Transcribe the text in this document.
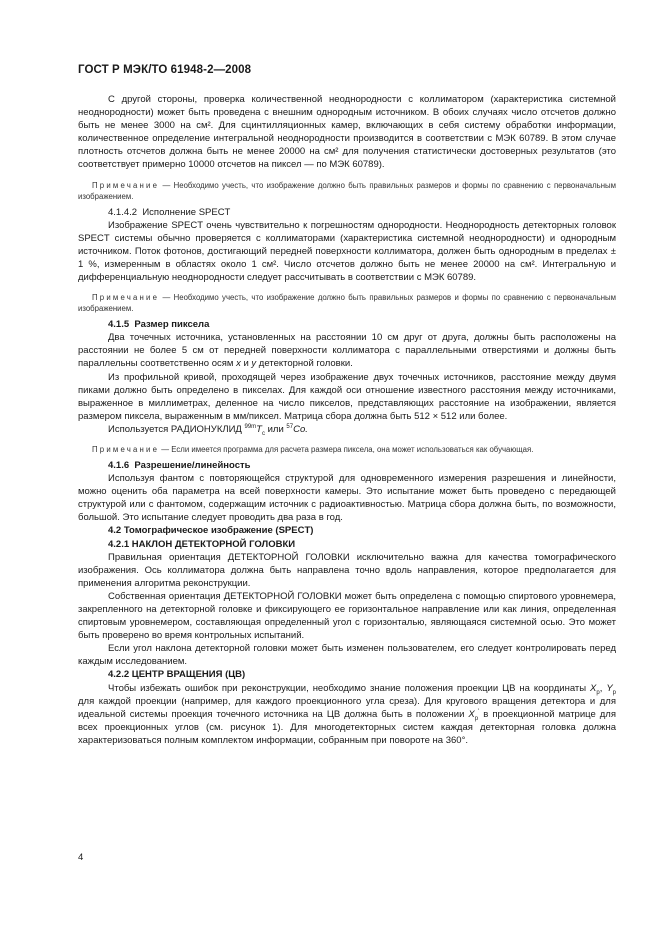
ГОСТ Р МЭК/ТО 61948-2—2008

С другой стороны, проверка количественной неоднородности с коллиматором (характеристика системной неоднородности) может быть проведена с внешним однородным источником. В обоих случаях число отсчетов должно быть не менее 3000 на см². Для сцинтилляционных камер, включающих в себя систему обработки информации, количественное определение интегральной неоднородности производится в соответствии с МЭК 60789. В этом случае плотность отсчетов должна быть не менее 20000 на см² для получения статистически достоверных результатов (это соответствует примерно 10000 отсчетов на пиксел — по МЭК 60789).

Примечание — Необходимо учесть, что изображение должно быть правильных размеров и формы по сравнению с первоначальным изображением.

4.1.4.2 Исполнение SPECT

Изображение SPECT очень чувствительно к погрешностям однородности. Неоднородность детекторных головок SPECT системы обычно проверяется с коллиматорами (характеристика системной неоднородности) и однородным источником. Поток фотонов, достигающий передней поверхности коллиматора, должен быть однородным в пределах ± 1 %, измеренным в областях около 1 см². Число отсчетов должно быть не менее 20000 на см². Интегральную и дифференциальную неоднородности следует рассчитывать в соответствии с МЭК 60789.

Примечание — Необходимо учесть, что изображение должно быть правильных размеров и формы по сравнению с первоначальным изображением.

4.1.5 Размер пиксела

Два точечных источника, установленных на расстоянии 10 см друг от друга, должны быть расположены на расстоянии не более 5 см от передней поверхности коллиматора с параллельными отверстиями и должны быть параллельны соответственно осям x и y детекторной головки.

Из профильной кривой, проходящей через изображение двух точечных источников, расстояние между двумя пиками должно быть определено в пикселах. Для каждой оси отношение известного расстояния между источниками, выраженное в миллиметрах, деленное на число пикселов, представляющих расстояние на изображении, является размером пиксела, выраженным в мм/пиксел. Матрица сбора должна быть 512 × 512 или более.

Используется РАДИОНУКЛИД $^{99m}T_c$ или $^{57}$Co.

Примечание — Если имеется программа для расчета размера пиксела, она может использоваться как обучающая.

4.1.6 Разрешение/линейность

Используя фантом с повторяющейся структурой для одновременного измерения разрешения и линейности, можно оценить оба параметра на всей поверхности камеры. Это испытание может быть проведено с передающей структурой или с фантомом, содержащим источник с радиоактивностью. Матрица сбора должна быть, по возможности, большой. Это испытание следует проводить два раза в год.

4.2 Томографическое изображение (SPECT)

4.2.1 НАКЛОН ДЕТЕКТОРНОЙ ГОЛОВКИ

Правильная ориентация ДЕТЕКТОРНОЙ ГОЛОВКИ исключительно важна для качества томографического изображения. Ось коллиматора должна быть направлена точно вдоль направления, которое предполагается для применения алгоритма реконструкции.

Собственная ориентация ДЕТЕКТОРНОЙ ГОЛОВКИ может быть определена с помощью спиртового уровнемера, закрепленного на детекторной головке и фиксирующего ее горизонтальное направление или как линия, определенная спиртовым уровнемером, составляющая определенный угол с горизонталью, являющаяся системной осью. Это может быть проверено во время контрольных испытаний.

Если угол наклона детекторной головки может быть изменен пользователем, его следует контролировать перед каждым исследованием.

4.2.2 ЦЕНТР ВРАЩЕНИЯ (ЦВ)

Чтобы избежать ошибок при реконструкции, необходимо знание положения проекции ЦВ на координаты $X_p$, $Y_p$ для каждой проекции (например, для каждого проекционного угла среза). Для кругового вращения детектора и для идеальной системы проекция точечного источника на ЦВ должна быть в положении $X_p'$ в проекционной матрице для всех проекционных углов (см. рисунок 1). Для многодетекторных систем каждая детекторная головка должна характеризоваться полным комплектом информации, собранным при повороте на 360°.

4
